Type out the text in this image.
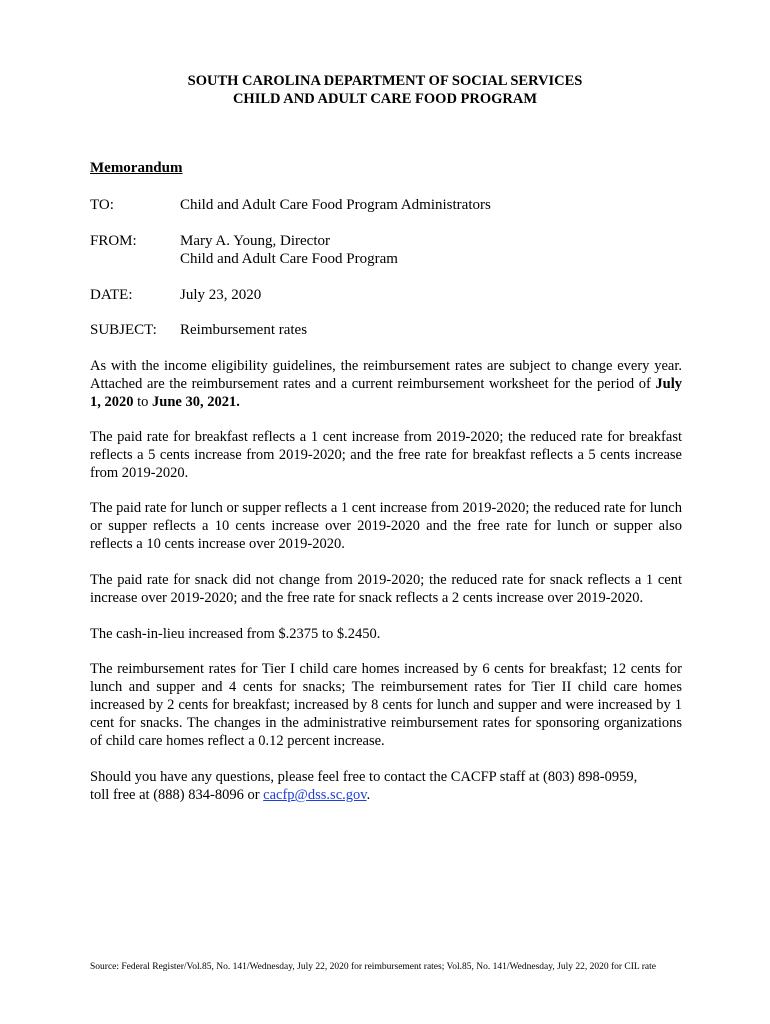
SOUTH CAROLINA DEPARTMENT OF SOCIAL SERVICES
CHILD AND ADULT CARE FOOD PROGRAM
Memorandum
TO:	Child and Adult Care Food Program Administrators
FROM:	Mary A. Young, Director
Child and Adult Care Food Program
DATE:	July 23, 2020
SUBJECT:	Reimbursement rates
As with the income eligibility guidelines, the reimbursement rates are subject to change every year. Attached are the reimbursement rates and a current reimbursement worksheet for the period of July 1, 2020 to June 30, 2021.
The paid rate for breakfast reflects a 1 cent increase from 2019-2020; the reduced rate for breakfast reflects a 5 cents increase from 2019-2020; and the free rate for breakfast reflects a 5 cents increase from 2019-2020.
The paid rate for lunch or supper reflects a 1 cent increase from 2019-2020; the reduced rate for lunch or supper reflects a 10 cents increase over 2019-2020 and the free rate for lunch or supper also reflects a 10 cents increase over 2019-2020.
The paid rate for snack did not change from 2019-2020; the reduced rate for snack reflects a 1 cent increase over 2019-2020; and the free rate for snack reflects a 2 cents increase over 2019-2020.
The cash-in-lieu increased from $.2375 to $.2450.
The reimbursement rates for Tier I child care homes increased by 6 cents for breakfast; 12 cents for lunch and supper and 4 cents for snacks; The reimbursement rates for Tier II child care homes increased by 2 cents for breakfast; increased by 8 cents for lunch and supper and were increased by 1 cent for snacks. The changes in the administrative reimbursement rates for sponsoring organizations of child care homes reflect a 0.12 percent increase.
Should you have any questions, please feel free to contact the CACFP staff at (803) 898-0959,
toll free at (888) 834-8096 or cacfp@dss.sc.gov.
Source: Federal Register/Vol.85, No. 141/Wednesday, July 22, 2020 for reimbursement rates; Vol.85, No. 141/Wednesday, July 22, 2020 for CIL rate
